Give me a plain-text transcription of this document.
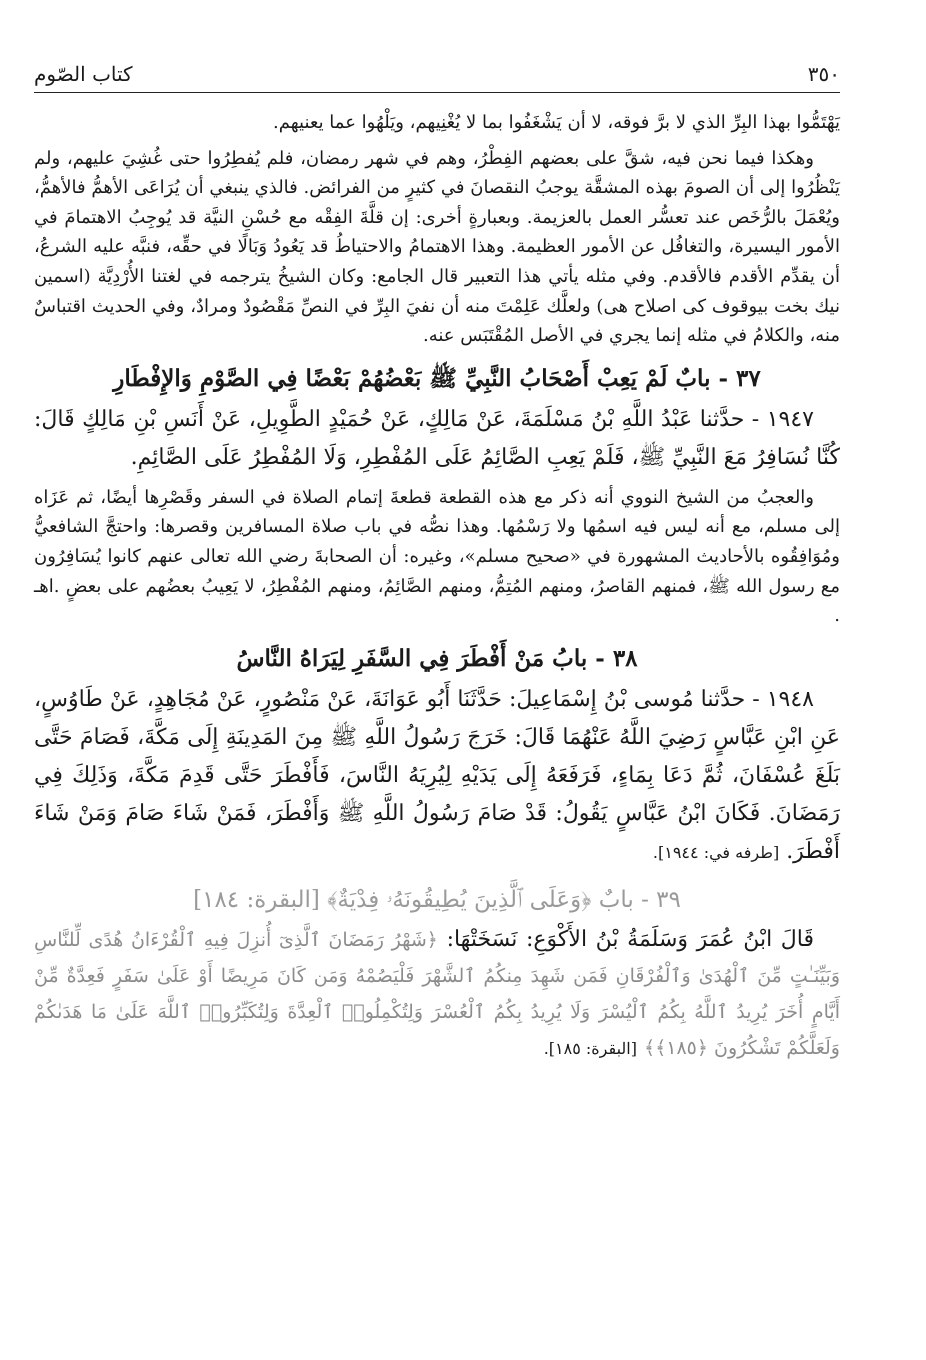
كتاب الصّوم	٣٥٠

يَهْتَمُّوا بهذا البِرِّ الذي لا برَّ فوقه، لا أن يَشْغَفُوا بما لا يُغْنِيهم، ويَلْهُوا عما يعنيهم.

وهكذا فيما نحن فيه، شقَّ على بعضهم الفِطْرُ، وهم في شهر رمضان، فلم يُفطِرُوا حتى غُشِيَ عليهم، ولم يَنْظُرُوا إلى أن الصومَ بهذه المشقَّة يوجبُ النقصانَ في كثيرٍ من الفرائض. فالذي ينبغي أن يُرَاعَى الأهمُّ فالأهمُّ، ويُعْمَلَ بالرُّخَص عند تعسُّر العمل بالعزيمة. وبعبارةٍ أخرى: إن قلَّةَ الفِقْه مع حُسْنِ النيَّة قد يُوجِبُ الاهتمامَ في الأمور اليسيرة، والتغافُل عن الأمور العظيمة. وهذا الاهتمامُ والاحتياطُ قد يَعُودُ وَبَالًا في حقِّه، فنبَّه عليه الشرعُ، أن يقدِّم الأقدم فالأقدم. وفي مثله يأتي هذا التعبير قال الجامع: وكان الشيخُ يترجمه في لغتنا الأُرْدِيَّة (اسمين نيك بخت بيوقوف كى اصلاح هى) ولعلَّك عَلِمْتَ منه أن نفيَ البِرِّ في النصِّ مَقْصُودٌ ومرادٌ، وفي الحديث اقتباسٌ منه، والكلامُ في مثله إنما يجري في الأصل المُقْتَبَس عنه.

٣٧ - بابٌ لَمْ يَعِبْ أَصْحَابُ النَّبِيِّ ﷺ بَعْضُهُمْ بَعْضًا فِي الصَّوْمِ وَالإِفْطَارِ

١٩٤٧ - حدَّثنا عَبْدُ اللَّهِ بْنُ مَسْلَمَةَ، عَنْ مَالِكٍ، عَنْ حُمَيْدٍ الطَّوِيلِ، عَنْ أَنَسِ بْنِ مَالِكٍ قَالَ: كُنَّا نُسَافِرُ مَعَ النَّبِيِّ ﷺ، فَلَمْ يَعِبِ الصَّائِمُ عَلَى المُفْطِرِ، وَلَا المُفْطِرُ عَلَى الصَّائِمِ.

والعجبُ من الشيخ النووي أنه ذكر مع هذه القطعة قطعةَ إتمام الصلاة في السفر وقَصْرِها أيضًا، ثم عَزَاه إلى مسلم، مع أنه ليس فيه اسمُها ولا رَسْمُها. وهذا نصُّه في باب صلاة المسافرين وقصرها: واحتجَّ الشافعيُّ ومُوَافِقُوه بالأحاديث المشهورة في «صحيح مسلم»، وغيره: أن الصحابةَ رضي الله تعالى عنهم كانوا يُسَافِرُون مع رسول الله ﷺ، فمنهم القاصرُ، ومنهم المُتِمُّ، ومنهم الصَّائِمُ، ومنهم المُفْطِرُ، لا يَعِيبُ بعضُهم على بعضٍ .اهـ .

٣٨ - بابُ مَنْ أَفْطَرَ فِي السَّفَرِ لِيَرَاهُ النَّاسُ

١٩٤٨ - حدَّثنا مُوسى بْنُ إِسْمَاعِيلَ: حَدَّثَنَا أَبُو عَوَانَةَ، عَنْ مَنْصُورٍ، عَنْ مُجَاهِدٍ، عَنْ طَاوُسٍ، عَنِ ابْنِ عَبَّاسٍ رَضِيَ اللَّهُ عَنْهُمَا قَالَ: خَرَجَ رَسُولُ اللَّهِ ﷺ مِنَ المَدِينَةِ إِلَى مَكَّةَ، فَصَامَ حَتَّى بَلَغَ عُسْفَانَ، ثُمَّ دَعَا بِمَاءٍ، فَرَفَعَهُ إِلَى يَدَيْهِ لِيُرِيَهُ النَّاسَ، فَأَفْطَرَ حَتَّى قَدِمَ مَكَّةَ، وَذَلِكَ فِي رَمَضَانَ. فَكَانَ ابْنُ عَبَّاسٍ يَقُولُ: قَدْ صَامَ رَسُولُ اللَّهِ ﷺ وَأَفْطَرَ، فَمَنْ شَاءَ صَامَ وَمَنْ شَاءَ أَفْطَرَ. [طرفه في: ١٩٤٤].

٣٩ - بابٌ ﴿وَعَلَى ٱلَّذِينَ يُطِيقُونَهُۥ فِدْيَةٌ﴾ [البقرة: ١٨٤]

قَالَ ابْنُ عُمَرَ وَسَلَمَةُ بْنُ الأَكْوَعِ: نَسَخَتْهَا: ﴿شَهْرُ رَمَضَانَ ٱلَّذِىٓ أُنزِلَ فِيهِ ٱلْقُرْءَانُ هُدًى لِّلنَّاسِ وَبَيِّنَـٰتٍ مِّنَ ٱلْهُدَىٰ وَٱلْفُرْقَانِ فَمَن شَهِدَ مِنكُمُ ٱلشَّهْرَ فَلْيَصُمْهُ وَمَن كَانَ مَرِيضًا أَوْ عَلَىٰ سَفَرٍ فَعِدَّةٌ مِّنْ أَيَّامٍ أُخَرَ يُرِيدُ ٱللَّهُ بِكُمُ ٱلْيُسْرَ وَلَا يُرِيدُ بِكُمُ ٱلْعُسْرَ وَلِتُكْمِلُوا۟ ٱلْعِدَّةَ وَلِتُكَبِّرُوا۟ ٱللَّهَ عَلَىٰ مَا هَدَىٰكُمْ وَلَعَلَّكُمْ تَشْكُرُونَ ﴿١٨٥﴾﴾ [البقرة: ١٨٥].
